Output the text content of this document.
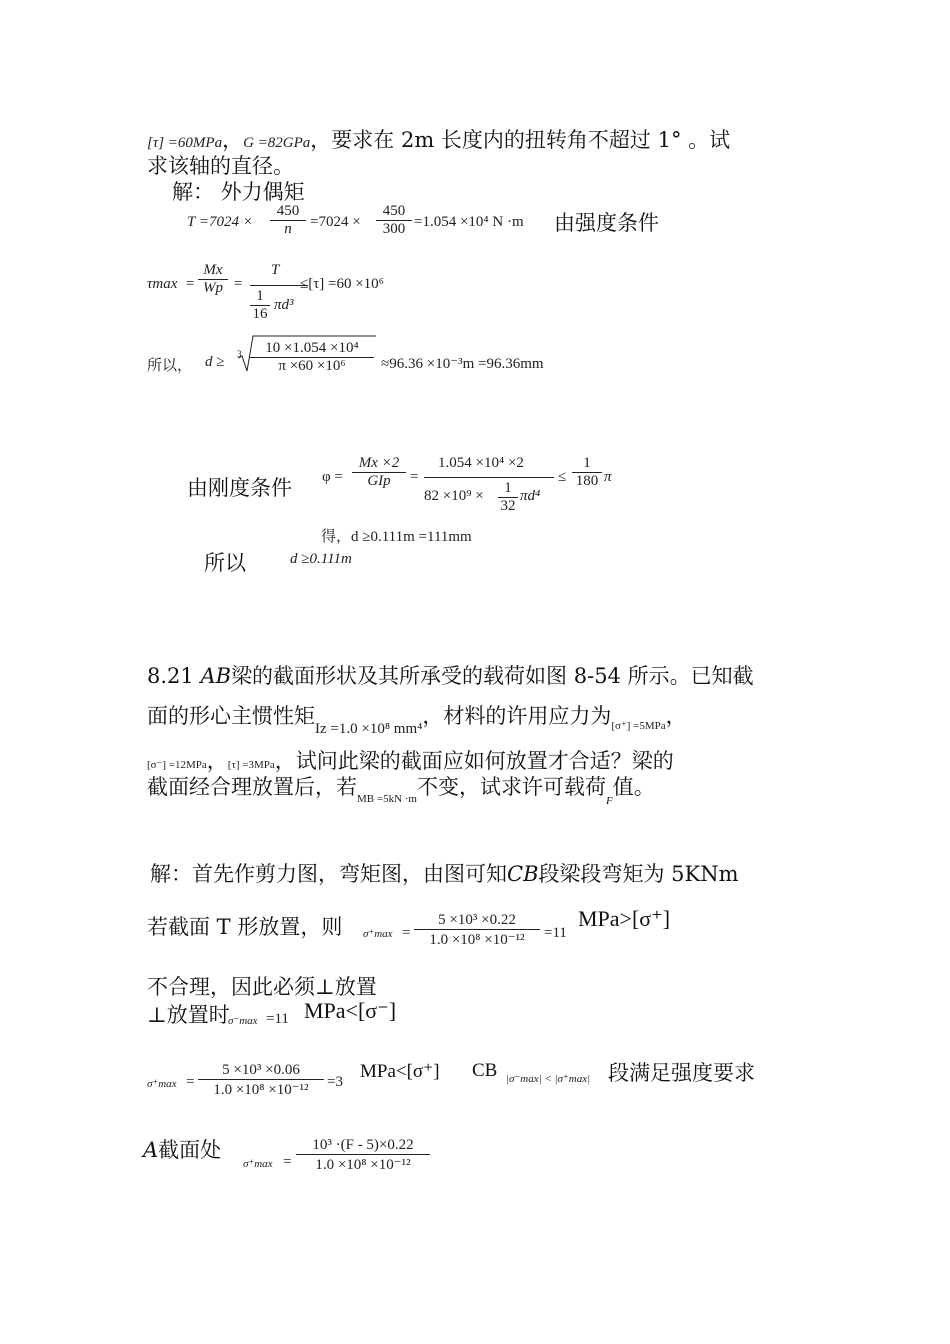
[τ] =60MPa，G =82GPa，要求在 2m 长度内的扭转角不超过 1° 。试
求该轴的直径。
解： 外力偶矩
$T =7024 \times \frac{450}{n} =7024 \times \frac{450}{300} =1.054 \times 10^4$ N ·m 由强度条件
$\tau\max = \frac{Mx}{Wp}$ =
T
$\frac{1}{16} \pi d^3$
≤[τ] =60 ×10⁶
所以， $d \ge 3 \frac{\text{10 ×1.054 ×10⁴}}{\text{π ×60 ×10⁶}} \approx 96.36 \times 10^{-3}m =96.36mm$
由刚度条件 φ =
Mx ×2
GIp	=
1.054 ×10⁴ ×2
$82 \times 10^9 \times \frac{1}{32} \pi d^4$
≤ $\frac{1}{180}$ π
得，d ≥0.111m =111mm
所以	d ≥0.111m
8.21 AB梁的截面形状及其所承受的载荷如图 8-54 所示。已知截
面的形心主惯性矩Iz =1.0 ×10⁸ mm⁴，材料的许用应力为$_{[\sigma^+] =5MPa}$，
[σ⁻] =12MPa，[τ] =3MPa，试问此梁的截面应如何放置才合适？梁的
截面经合理放置后，若$_{MB =5kN \cdot m}$不变，试求许可载荷$_F$值。
解：首先作剪力图，弯矩图，由图可知CB段梁段弯矩为 5KNm
若截面 T 形放置，则 $\sigma^+\max = \frac{\text{5 ×10³ ×0.22}}{\text{1.0 ×10⁸ ×10⁻¹²}} =11$
MPa>[σ⁺]
不合理，因此必须⊥放置
⊥放置时
σ⁻max =11 MPa<[σ⁻]
$\sigma^+\max = \frac{\text{5 ×10³ ×0.06}}{\text{1.0 ×10⁸ ×10⁻¹²}} =3$ MPa<[σ⁺] CB |σ⁻max| < |σ⁺max| 段满足强度要求
A截面处
$\sigma^+\max = \frac{\text{10³ ·(F - 5)×0.22}}{\text{1.0 ×10⁸ ×10⁻¹²}}$
